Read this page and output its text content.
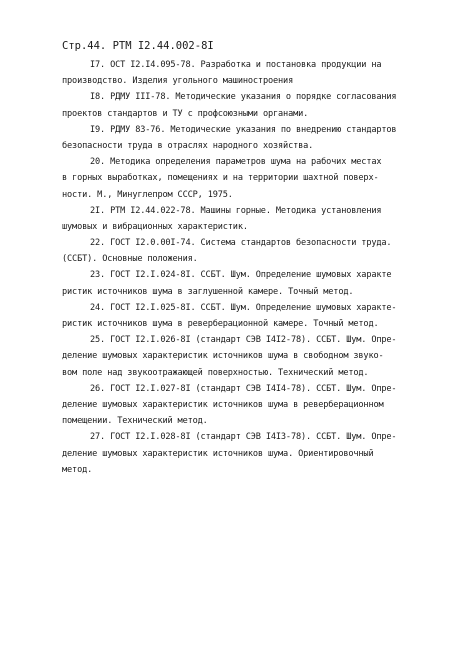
Стр.44. РТМ I2.44.002-8I
I7. ОСТ I2.I4.095-78. Разработка и постановка продукции на
производство. Изделия угольного машиностроения
I8. РДМУ III-78. Методические указания о порядке согласования
проектов стандартов и ТУ с профсоюзными органами.
I9. РДМУ 83-76. Методические указания по внедрению стандартов
безопасности труда в отраслях народного хозяйства.
20. Методика определения параметров шума на рабочих местах
в горных выработках, помещениях и на территории шахтной поверх-
ности. М., Минуглепром СССР, 1975.
2I. РТМ I2.44.022-78. Машины горные. Методика установления
шумовых и вибрационных характеристик.
22. ГОСТ I2.0.00I-74. Система стандартов безопасности труда.
(ССБТ). Основные положения.
23. ГОСТ I2.I.024-8I. ССБТ. Шум. Определение шумовых характе
ристик источников шума в заглушенной камере. Точный метод.
24. ГОСТ I2.I.025-8I. ССБТ. Шум. Определение шумовых характе-
ристик источников шума в реверберационной камере. Точный метод.
25. ГОСТ I2.I.026-8I (стандарт СЭВ I4I2-78). ССБТ. Шум. Опре-
деление шумовых характеристик источников шума в свободном звуко-
вом поле над звукоотражающей поверхностью. Технический метод.
26. ГОСТ I2.I.027-8I (стандарт СЭВ I4I4-78). ССБТ. Шум. Опре-
деление шумовых характеристик источников шума в реверберационном
помещении. Технический метод.
27. ГОСТ I2.I.028-8I (стандарт СЭВ I4I3-78). ССБТ. Шум. Опре-
деление шумовых характеристик источников шума. Ориентировочный
метод.
